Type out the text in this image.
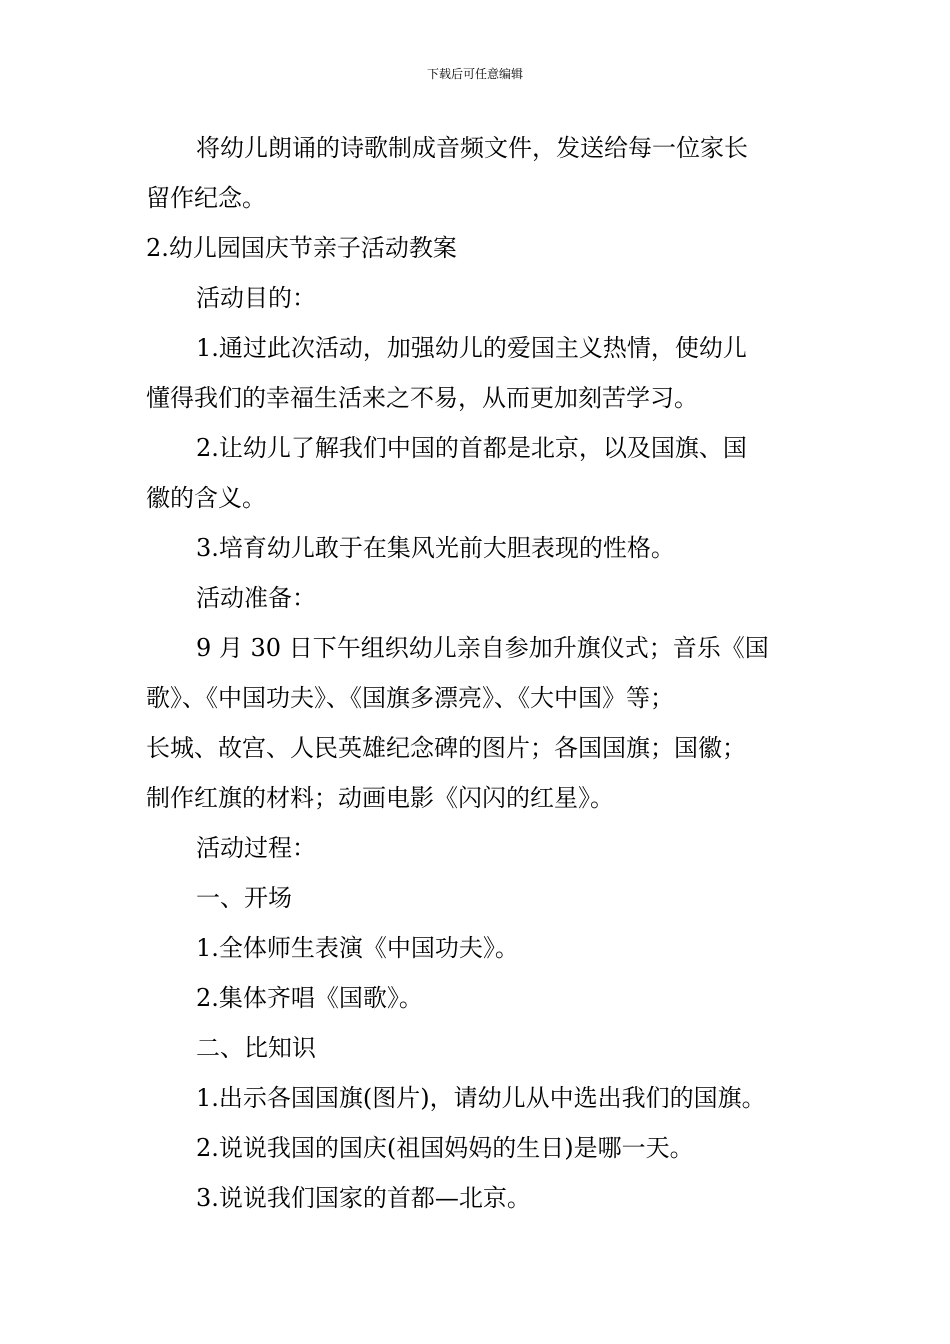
下载后可任意编辑

将幼儿朗诵的诗歌制成音频文件，发送给每一位家长

留作纪念。

2.幼儿园国庆节亲子活动教案

活动目的：

1.通过此次活动，加强幼儿的爱国主义热情，使幼儿

懂得我们的幸福生活来之不易，从而更加刻苦学习。

2.让幼儿了解我们中国的首都是北京，以及国旗、国

徽的含义。

3.培育幼儿敢于在集风光前大胆表现的性格。

活动准备：

9 月 30 日下午组织幼儿亲自参加升旗仪式；音乐《国

歌》、《中国功夫》、《国旗多漂亮》、《大中国》等；

长城、故宫、人民英雄纪念碑的图片；各国国旗；国徽；

制作红旗的材料；动画电影《闪闪的红星》。

活动过程：

一、开场

1.全体师生表演《中国功夫》。

2.集体齐唱《国歌》。

二、比知识

1.出示各国国旗(图片)，请幼儿从中选出我们的国旗。

2.说说我国的国庆(祖国妈妈的生日)是哪一天。

3.说说我们国家的首都—北京。
